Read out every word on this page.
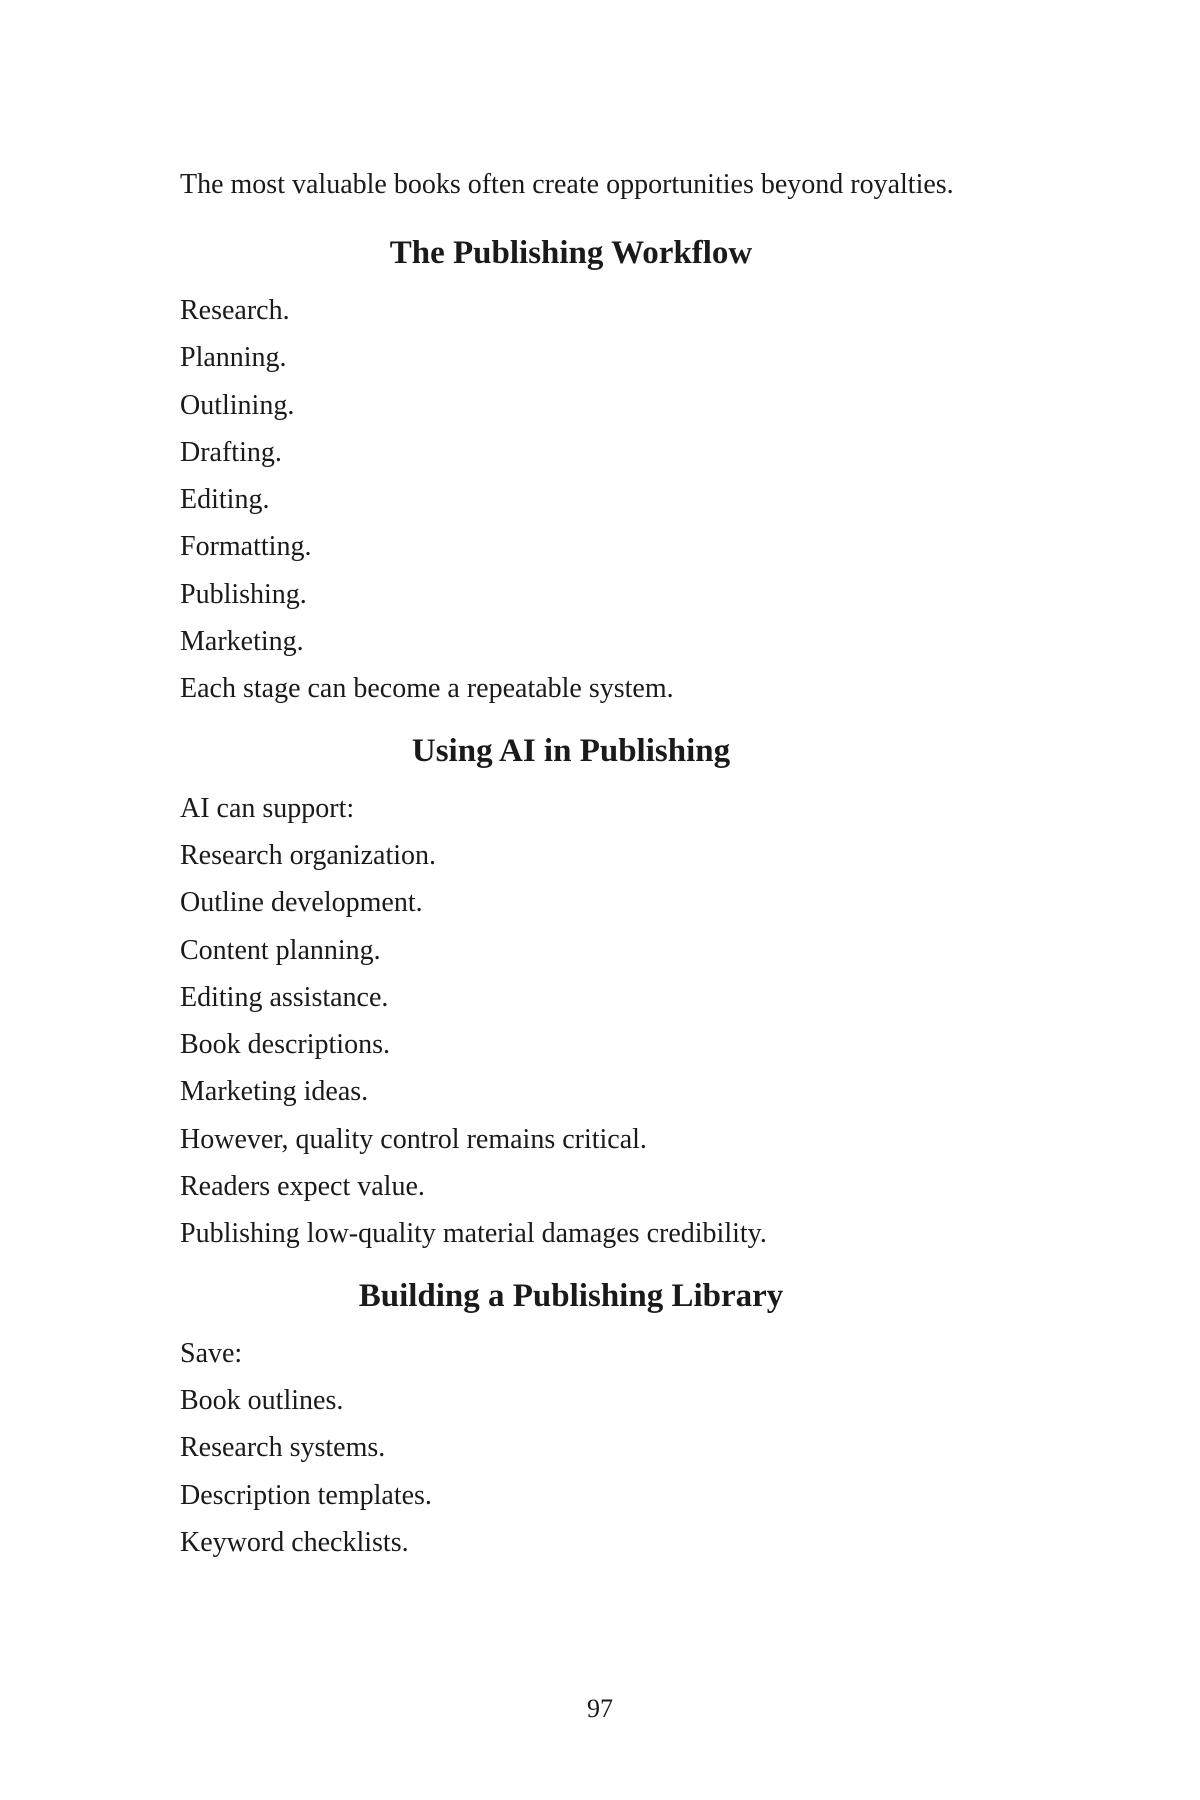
The most valuable books often create opportunities beyond royalties.

The Publishing Workflow

Research.

Planning.

Outlining.

Drafting.

Editing.

Formatting.

Publishing.

Marketing.

Each stage can become a repeatable system.

Using AI in Publishing

AI can support:

Research organization.

Outline development.

Content planning.

Editing assistance.

Book descriptions.

Marketing ideas.

However, quality control remains critical.

Readers expect value.

Publishing low-quality material damages credibility.

Building a Publishing Library

Save:

Book outlines.

Research systems.

Description templates.

Keyword checklists.

97
